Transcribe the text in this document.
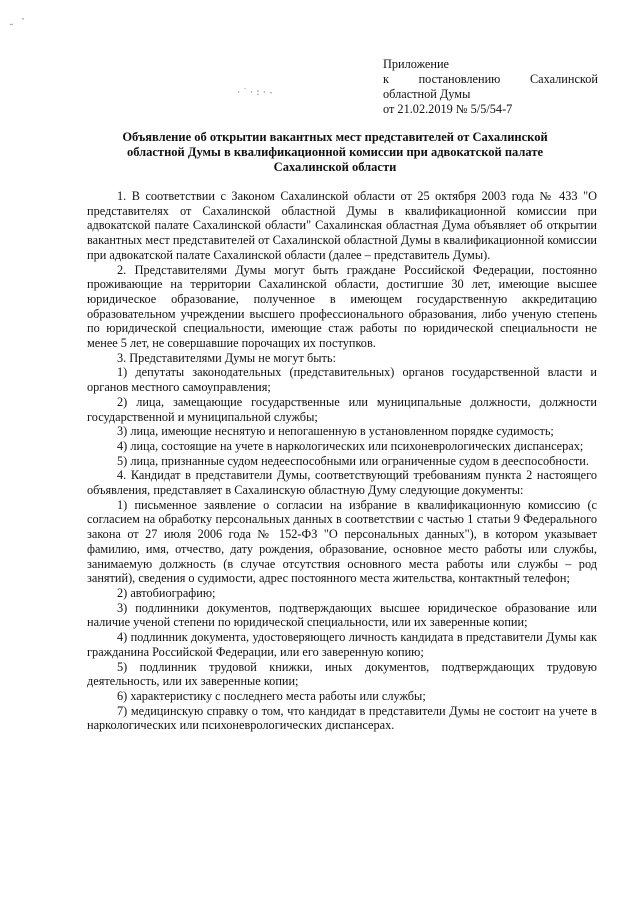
˘
·
·˙·:·‐
Приложение
к постановлению Сахалинской
областной Думы
от 21.02.2019 № 5/5/54-7
Объявление об открытии вакантных мест представителей от Сахалинской областной Думы в квалификационной комиссии при адвокатской палате Сахалинской области

1. В соответствии с Законом Сахалинской области от 25 октября 2003 года № 433 "О представителях от Сахалинской областной Думы в квалификационной комиссии при адвокатской палате Сахалинской области" Сахалинская областная Дума объявляет об открытии вакантных мест представителей от Сахалинской областной Думы в квалификационной комиссии при адвокатской палате Сахалинской области (далее – представитель Думы).

2. Представителями Думы могут быть граждане Российской Федерации, постоянно проживающие на территории Сахалинской области, достигшие 30 лет, имеющие высшее юридическое образование, полученное в имеющем государственную аккредитацию образовательном учреждении высшего профессионального образования, либо ученую степень по юридической специальности, имеющие стаж работы по юридической специальности не менее 5 лет, не совершавшие порочащих их поступков.

3. Представителями Думы не могут быть:

1) депутаты законодательных (представительных) органов государственной власти и органов местного самоуправления;

2) лица, замещающие государственные или муниципальные должности, должности государственной и муниципальной службы;

3) лица, имеющие неснятую и непогашенную в установленном порядке судимость;

4) лица, состоящие на учете в наркологических или психоневрологических диспансерах;

5) лица, признанные судом недееспособными или ограниченные судом в дееспособности.

4. Кандидат в представители Думы, соответствующий требованиям пункта 2 настоящего объявления, представляет в Сахалинскую областную Думу следующие документы:

1) письменное заявление о согласии на избрание в квалификационную комиссию (с согласием на обработку персональных данных в соответствии с частью 1 статьи 9 Федерального закона от 27 июля 2006 года № 152-ФЗ "О персональных данных"), в котором указывает фамилию, имя, отчество, дату рождения, образование, основное место работы или службы, занимаемую должность (в случае отсутствия основного места работы или службы – род занятий), сведения о судимости, адрес постоянного места жительства, контактный телефон;

2) автобиографию;

3) подлинники документов, подтверждающих высшее юридическое образование или наличие ученой степени по юридической специальности, или их заверенные копии;

4) подлинник документа, удостоверяющего личность кандидата в представители Думы как гражданина Российской Федерации, или его заверенную копию;

5) подлинник трудовой книжки, иных документов, подтверждающих трудовую деятельность, или их заверенные копии;

6) характеристику с последнего места работы или службы;

7) медицинскую справку о том, что кандидат в представители Думы не состоит на учете в наркологических или психоневрологических диспансерах.
